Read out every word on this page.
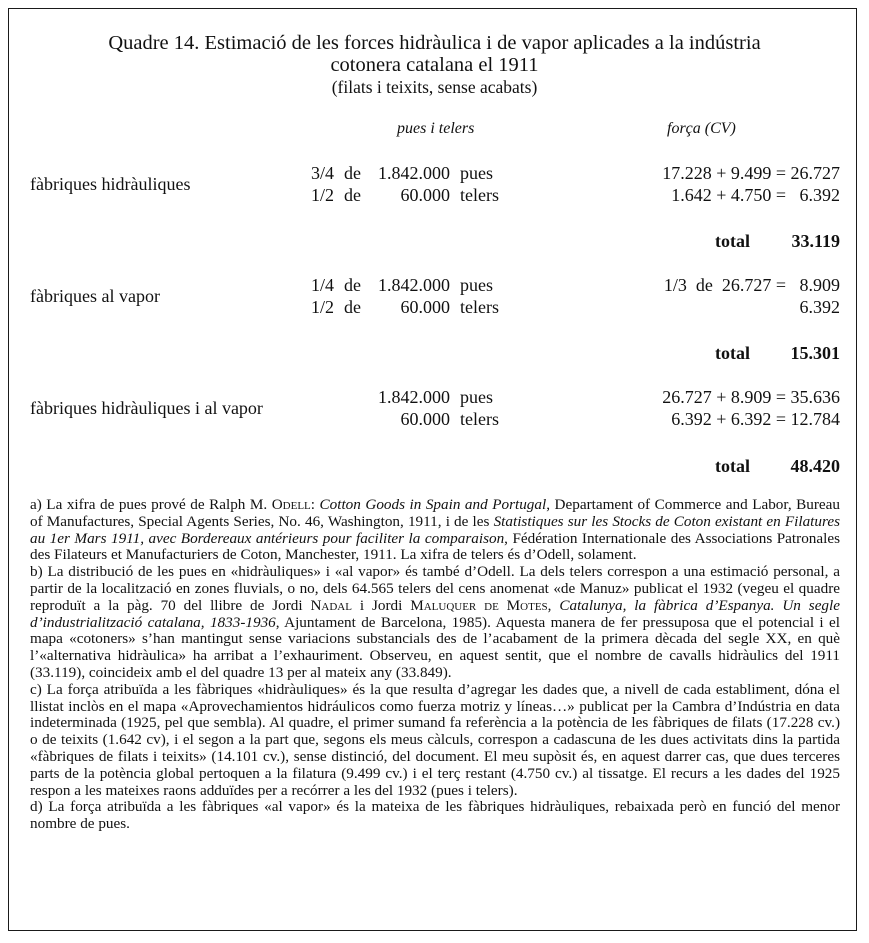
Quadre 14. Estimació de les forces hidràulica i de vapor aplicades a la indústria
cotonera catalana el 1911
(filats i teixits, sense acabats)
pues i telers	força (CV)
fàbriques hidràuliques
3/4 de 1.842.000 pues	17.228 + 9.499 = 26.727
1/2 de 60.000 telers	1.642 + 4.750 =   6.392
total 33.119
fàbriques al vapor
1/4 de 1.842.000 pues	1/3  de  26.727 =   8.909
1/2 de 60.000 telers	6.392
total 15.301
fàbriques hidràuliques i al vapor
1.842.000 pues	26.727 + 8.909 = 35.636
60.000 telers	6.392 + 6.392 = 12.784
total 48.420

a) La xifra de pues prové de Ralph M. Odell: Cotton Goods in Spain and Portugal, Departament of Commerce and Labor, Bureau of Manufactures, Special Agents Series, No. 46, Washington, 1911, i de les Statistiques sur les Stocks de Coton existant en Filatures au 1er Mars 1911, avec Bordereaux antérieurs pour faciliter la comparaison, Fédération Internationale des Associations Patronales des Filateurs et Manufacturiers de Coton, Manchester, 1911. La xifra de telers és d’Odell, solament.

b) La distribució de les pues en «hidràuliques» i «al vapor» és també d’Odell. La dels telers correspon a una estimació personal, a partir de la localització en zones fluvials, o no, dels 64.565 telers del cens anomenat «de Manuz» publicat el 1932 (vegeu el quadre reproduït a la pàg. 70 del llibre de Jordi Nadal i Jordi Maluquer de Motes, Catalunya, la fàbrica d’Espanya. Un segle d’industrialització catalana, 1833-1936, Ajuntament de Barcelona, 1985). Aquesta manera de fer pressuposa que el potencial i el mapa «cotoners» s’han mantingut sense variacions substancials des de l’acabament de la primera dècada del segle XX, en què l’«alternativa hidràulica» ha arribat a l’exhauriment. Observeu, en aquest sentit, que el nombre de cavalls hidràulics del 1911 (33.119), coincideix amb el del quadre 13 per al mateix any (33.849).

c) La força atribuïda a les fàbriques «hidràuliques» és la que resulta d’agregar les dades que, a nivell de cada establiment, dóna el llistat inclòs en el mapa «Aprovechamientos hidráulicos como fuerza motriz y líneas…» publicat per la Cambra d’Indústria en data indeterminada (1925, pel que sembla). Al quadre, el primer sumand fa referència a la potència de les fàbriques de filats (17.228 cv.) o de teixits (1.642 cv), i el segon a la part que, segons els meus càlculs, correspon a cadascuna de les dues activitats dins la partida «fàbriques de filats i teixits» (14.101 cv.), sense distinció, del document. El meu supòsit és, en aquest darrer cas, que dues terceres parts de la potència global pertoquen a la filatura (9.499 cv.) i el terç restant (4.750 cv.) al tissatge. El recurs a les dades del 1925 respon a les mateixes raons adduïdes per a recórrer a les del 1932 (pues i telers).

d) La força atribuïda a les fàbriques «al vapor» és la mateixa de les fàbriques hidràuliques, rebaixada però en funció del menor nombre de pues.
